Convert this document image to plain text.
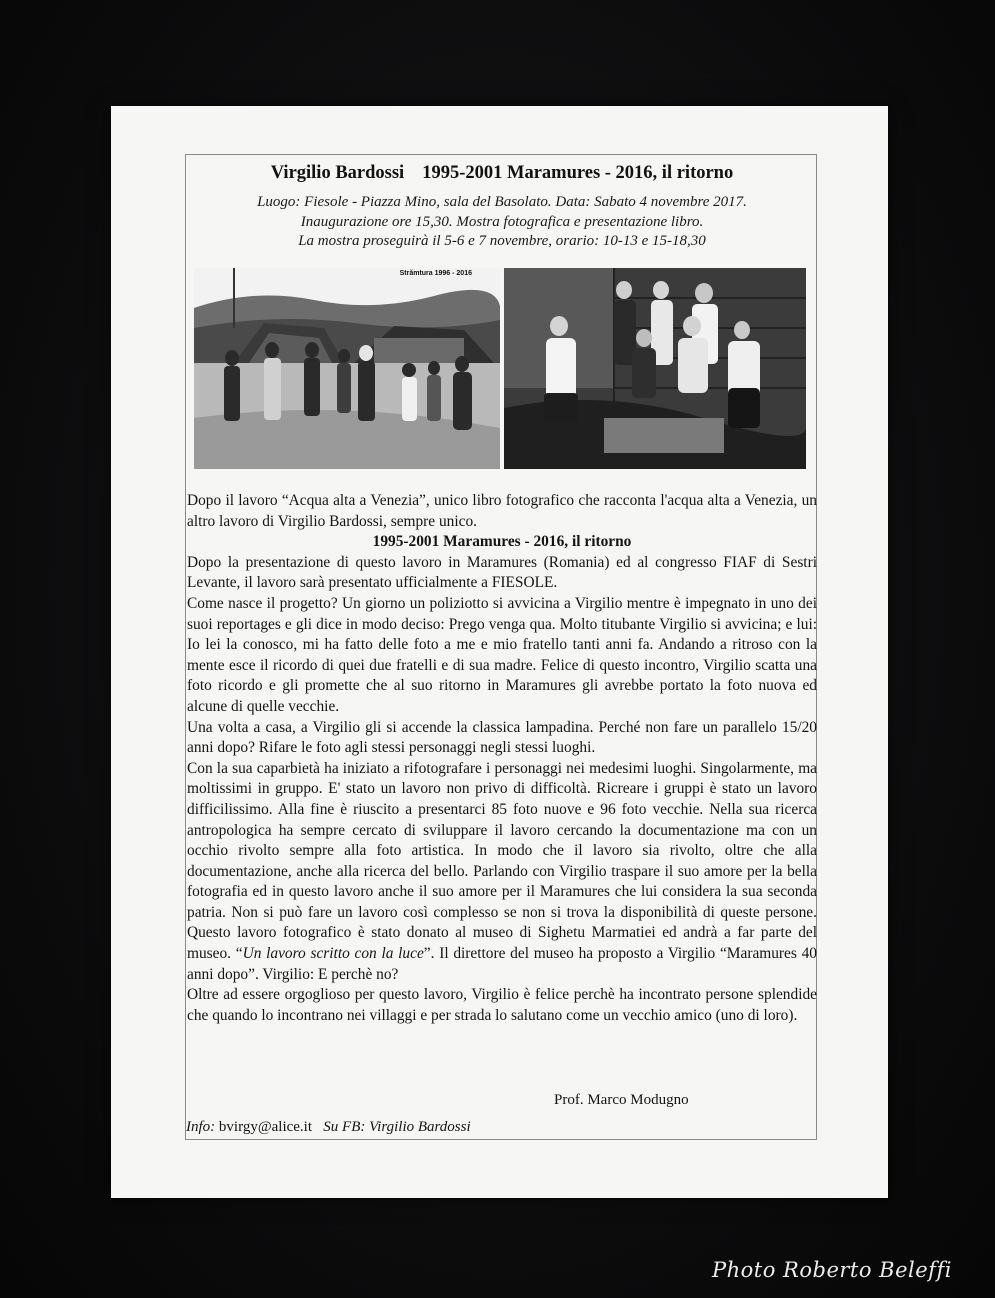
Virgilio Bardossi 1995-2001 Maramures - 2016, il ritorno
Luogo: Fiesole - Piazza Mino, sala del Basolato. Data: Sabato 4 novembre 2017.
Inaugurazione ore 15,30. Mostra fotografica e presentazione libro.
La mostra proseguirà il 5-6 e 7 novembre, orario: 10-13 e 15-18,30
Strămtura 1996 - 2016

Dopo il lavoro “Acqua alta a Venezia”, unico libro fotografico che racconta l'acqua alta a Venezia, un altro lavoro di Virgilio Bardossi, sempre unico.

1995-2001 Maramures - 2016, il ritorno

Dopo la presentazione di questo lavoro in Maramures (Romania) ed al congresso FIAF di Sestri Levante, il lavoro sarà presentato ufficialmente a FIESOLE.

Come nasce il progetto? Un giorno un poliziotto si avvicina a Virgilio mentre è impegnato in uno dei suoi reportages e gli dice in modo deciso: Prego venga qua. Molto titubante Virgilio si avvicina; e lui: Io lei la conosco, mi ha fatto delle foto a me e mio fratello tanti anni fa. Andando a ritroso con la mente esce il ricordo di quei due fratelli e di sua madre. Felice di questo incontro, Virgilio scatta una foto ricordo e gli promette che al suo ritorno in Maramures gli avrebbe portato la foto nuova ed alcune di quelle vecchie.

Una volta a casa, a Virgilio gli si accende la classica lampadina. Perché non fare un parallelo 15/20 anni dopo? Rifare le foto agli stessi personaggi negli stessi luoghi.

Con la sua caparbietà ha iniziato a rifotografare i personaggi nei medesimi luoghi. Singolarmente, ma moltissimi in gruppo. E' stato un lavoro non privo di difficoltà. Ricreare i gruppi è stato un lavoro difficilissimo. Alla fine è riuscito a presentarci 85 foto nuove e 96 foto vecchie. Nella sua ricerca antropologica ha sempre cercato di sviluppare il lavoro cercando la documentazione ma con un occhio rivolto sempre alla foto artistica. In modo che il lavoro sia rivolto, oltre che alla documentazione, anche alla ricerca del bello. Parlando con Virgilio traspare il suo amore per la bella fotografia ed in questo lavoro anche il suo amore per il Maramures che lui considera la sua seconda patria. Non si può fare un lavoro così complesso se non si trova la disponibilità di queste persone. Questo lavoro fotografico è stato donato al museo di Sighetu Marmatiei ed andrà a far parte del museo. “Un lavoro scritto con la luce”. Il direttore del museo ha proposto a Virgilio “Maramures 40 anni dopo”. Virgilio: E perchè no?

Oltre ad essere orgoglioso per questo lavoro, Virgilio è felice perchè ha incontrato persone splendide che quando lo incontrano nei villaggi e per strada lo salutano come un vecchio amico (uno di loro).

Prof. Marco Modugno
Info: bvirgy@alice.it Su FB: Virgilio Bardossi
Photo Roberto Beleffi
